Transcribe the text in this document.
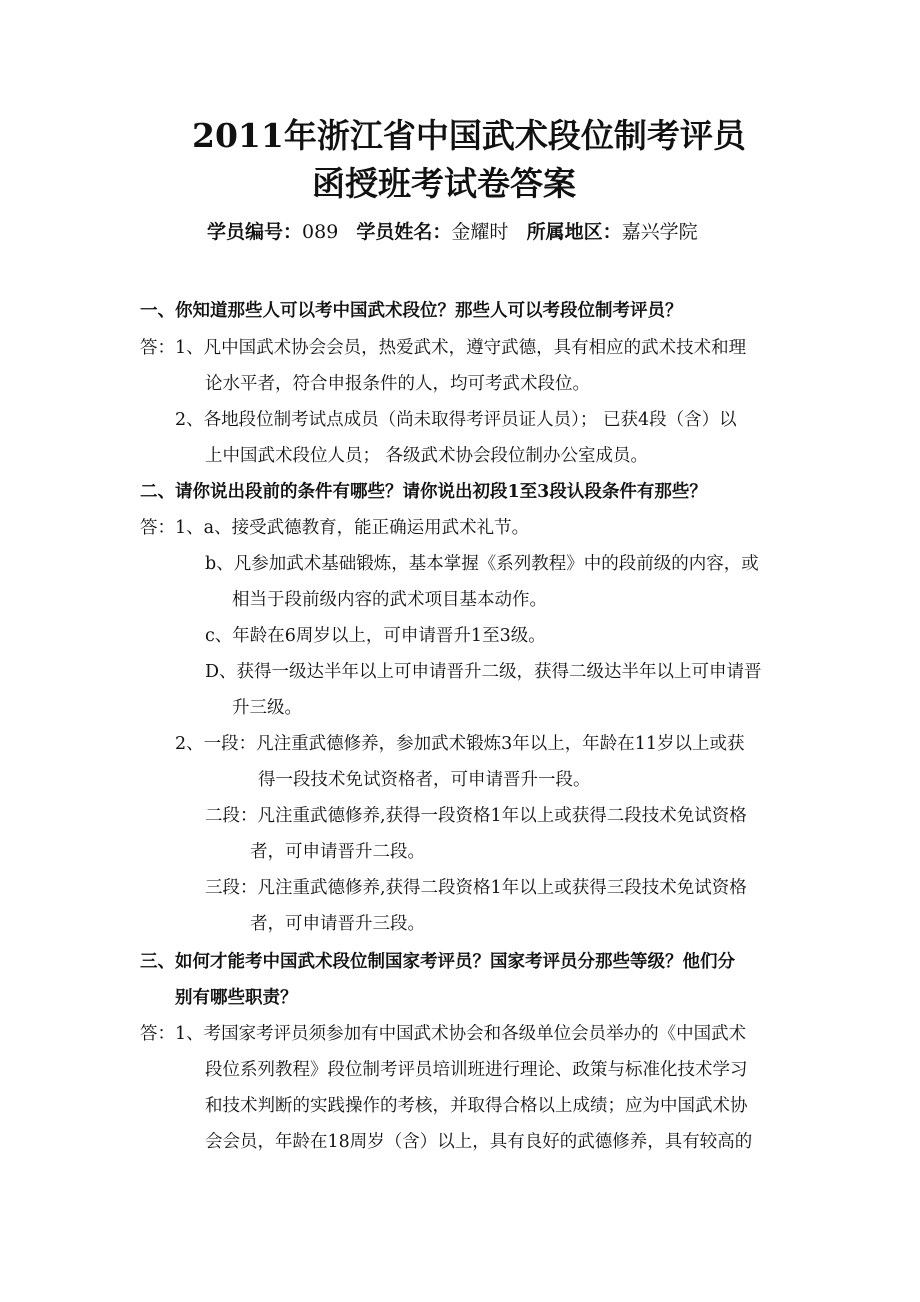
2011年浙江省中国武术段位制考评员
函授班考试卷答案
学员编号：089 学员姓名：金耀时 所属地区：嘉兴学院
一、你知道那些人可以考中国武术段位？那些人可以考段位制考评员？
答：1、凡中国武术协会会员，热爱武术，遵守武德，具有相应的武术技术和理
论水平者，符合申报条件的人，均可考武术段位。
2、各地段位制考试点成员（尚未取得考评员证人员）； 已获4段（含）以
上中国武术段位人员； 各级武术协会段位制办公室成员。
二、请你说出段前的条件有哪些？请你说出初段1至3段认段条件有那些？
答：1、a、接受武德教育，能正确运用武术礼节。
b、凡参加武术基础锻炼，基本掌握《系列教程》中的段前级的内容，或
相当于段前级内容的武术项目基本动作。
c、年龄在6周岁以上，可申请晋升1至3级。
D、获得一级达半年以上可申请晋升二级，获得二级达半年以上可申请晋
升三级。
2、一段：凡注重武德修养，参加武术锻炼3年以上，年龄在11岁以上或获
得一段技术免试资格者，可申请晋升一段。
二段：凡注重武德修养,获得一段资格1年以上或获得二段技术免试资格
者，可申请晋升二段。
三段：凡注重武德修养,获得二段资格1年以上或获得三段技术免试资格
者，可申请晋升三段。
三、如何才能考中国武术段位制国家考评员？国家考评员分那些等级？他们分
别有哪些职责？
答：1、考国家考评员须参加有中国武术协会和各级单位会员举办的《中国武术
段位系列教程》段位制考评员培训班进行理论、政策与标准化技术学习
和技术判断的实践操作的考核，并取得合格以上成绩；应为中国武术协
会会员，年龄在18周岁（含）以上，具有良好的武德修养，具有较高的
